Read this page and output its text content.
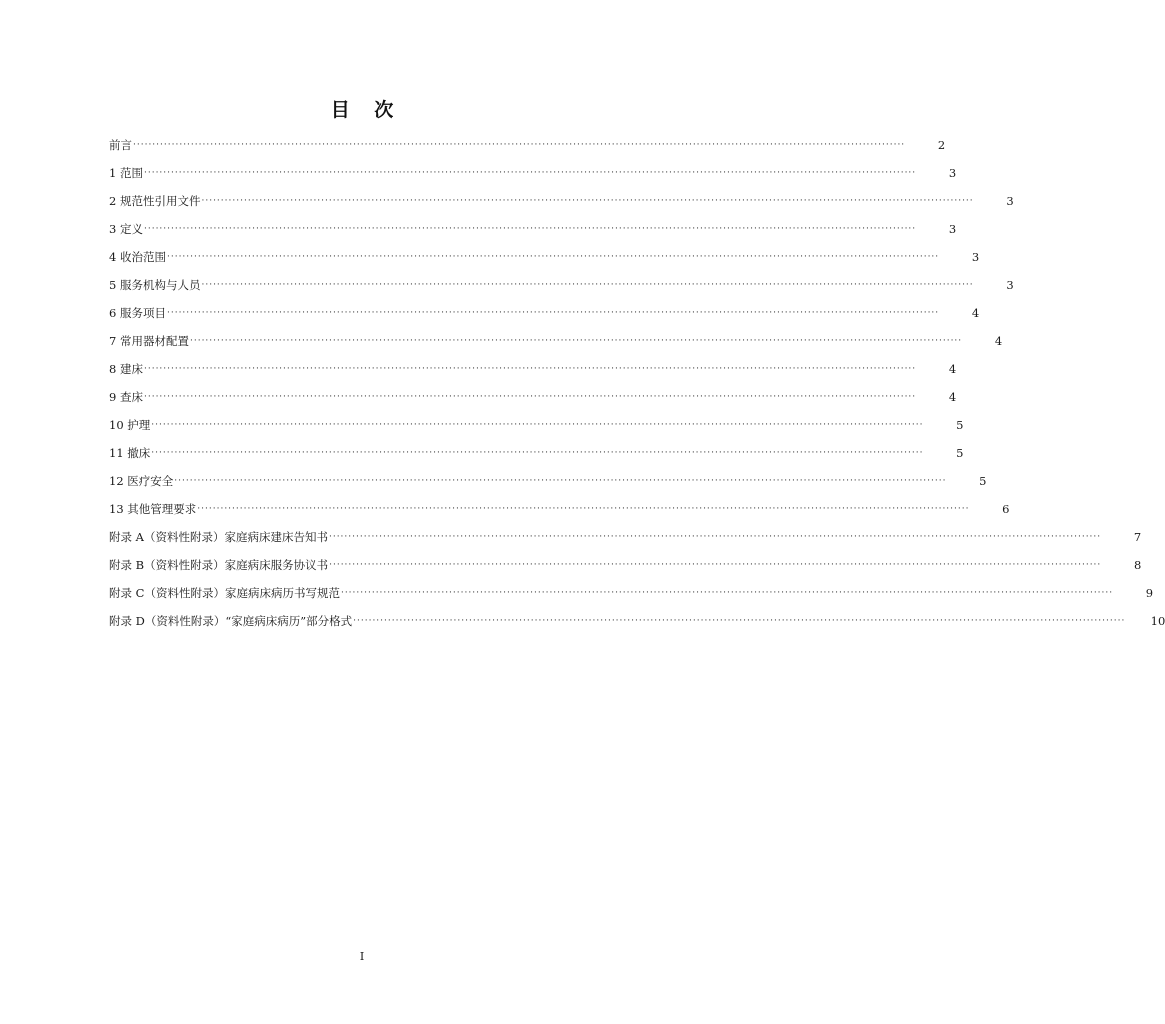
目 次
前言 ········································································································································································································	2
1 范围 ········································································································································································································	3
2 规范性引用文件 ········································································································································································································	3
3 定义 ········································································································································································································	3
4 收治范围 ········································································································································································································	3
5 服务机构与人员 ········································································································································································································	3
6 服务项目 ········································································································································································································	4
7 常用器材配置 ········································································································································································································	4
8 建床 ········································································································································································································	4
9 查床 ········································································································································································································	4
10 护理 ········································································································································································································	5
11 撤床 ········································································································································································································	5
12 医疗安全 ········································································································································································································	5
13 其他管理要求 ········································································································································································································	6
附录 A（资料性附录）家庭病床建床告知书 ········································································································································································································	7
附录 B（资料性附录）家庭病床服务协议书 ········································································································································································································	8
附录 C（资料性附录）家庭病床病历书写规范 ········································································································································································································	9
附录 D（资料性附录）“家庭病床病历”部分格式 ········································································································································································································ 10
I
